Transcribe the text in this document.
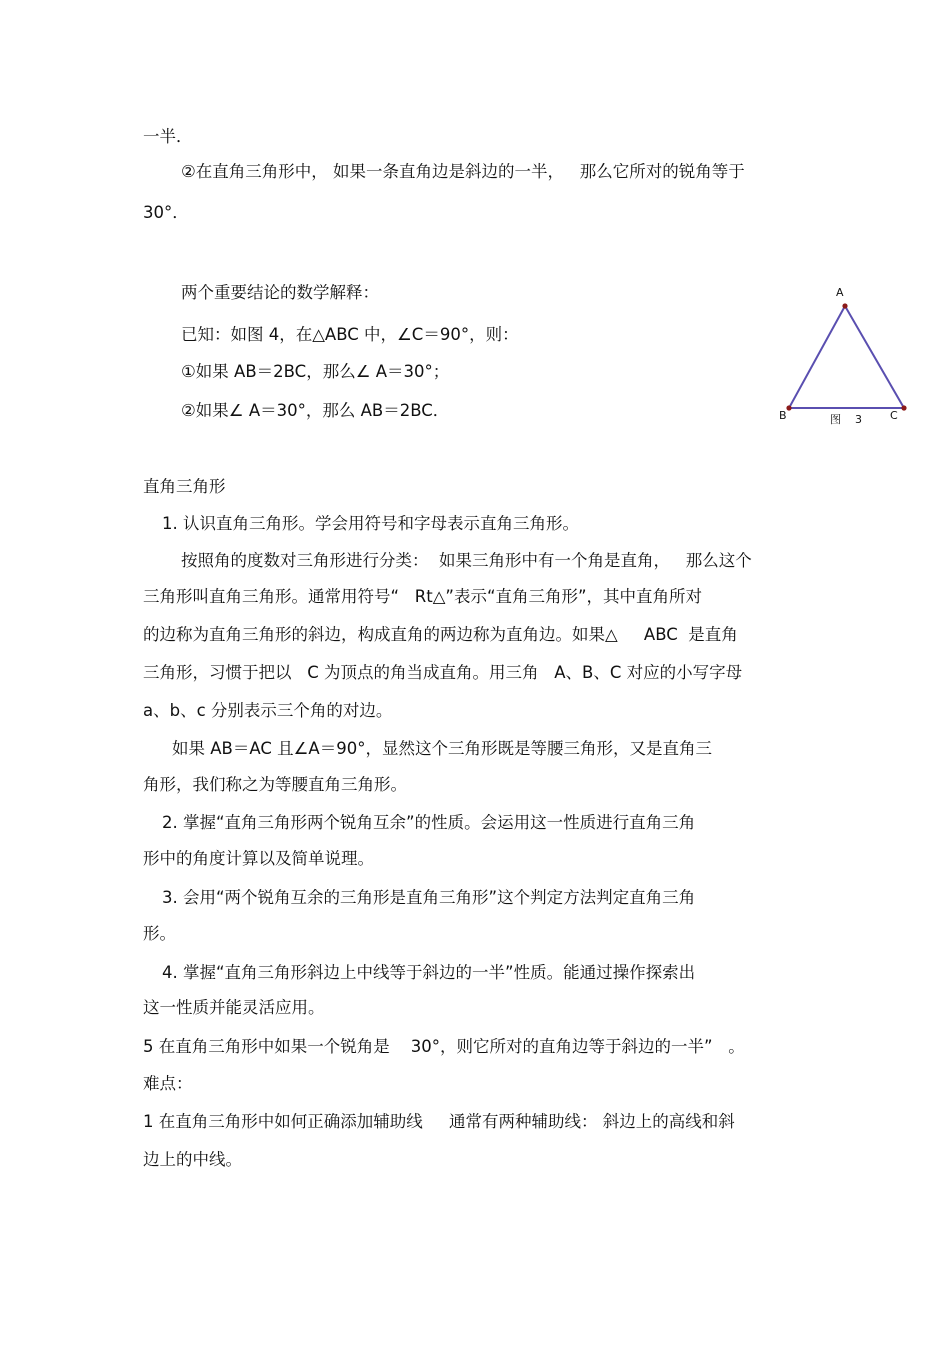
一半．
②在直角三角形中， 如果一条直角边是斜边的一半，   那么它所对的锐角等于
30°．
两个重要结论的数学解释：
已知：如图 4，在△ABC 中，∠C＝90°，则：
①如果 AB＝2BC，那么∠ A＝30°；
②如果∠ A＝30°，那么 AB＝2BC．
直角三角形
1. 认识直角三角形。学会用符号和字母表示直角三角形。
按照角的度数对三角形进行分类：  如果三角形中有一个角是直角，   那么这个
三角形叫直角三角形。通常用符号“   Rt△”表示“直角三角形”，其中直角所对
的边称为直角三角形的斜边，构成直角的两边称为直角边。如果△     ABC  是直角
三角形，习惯于把以   C 为顶点的角当成直角。用三角   A、B、C 对应的小写字母
a、b、c 分别表示三个角的对边。
如果 AB＝AC 且∠A＝90°，显然这个三角形既是等腰三角形，又是直角三
角形，我们称之为等腰直角三角形。
2. 掌握“直角三角形两个锐角互余”的性质。会运用这一性质进行直角三角
形中的角度计算以及简单说理。
3. 会用“两个锐角互余的三角形是直角三角形”这个判定方法判定直角三角
形。
4. 掌握“直角三角形斜边上中线等于斜边的一半”性质。能通过操作探索出
这一性质并能灵活应用。
5 在直角三角形中如果一个锐角是    30°，则它所对的直角边等于斜边的一半”   。
难点：
1 在直角三角形中如何正确添加辅助线     通常有两种辅助线： 斜边上的高线和斜
边上的中线。
A
B	C
图    3
